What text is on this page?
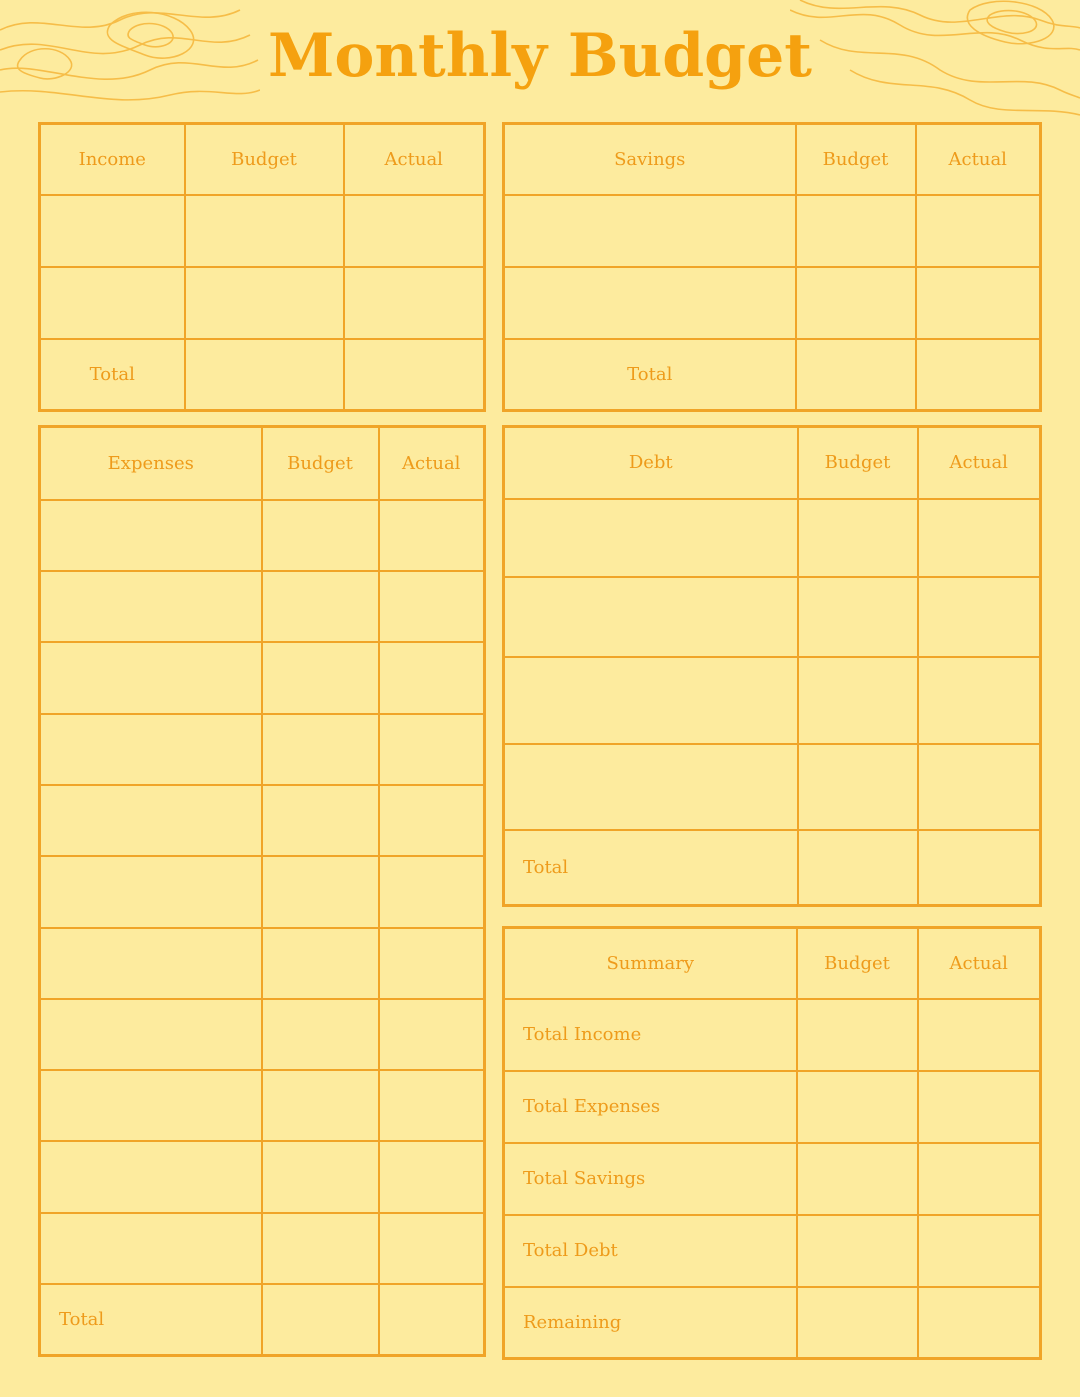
Monthly Budget
Income	Budget	Actual

Total		
Savings	Budget	Actual

Total		
Expenses	Budget	Actual

Total		
Debt	Budget	Actual

Total		
Summary	Budget	Actual
Total Income		
Total Expenses		
Total Savings		
Total Debt		
Remaining		
